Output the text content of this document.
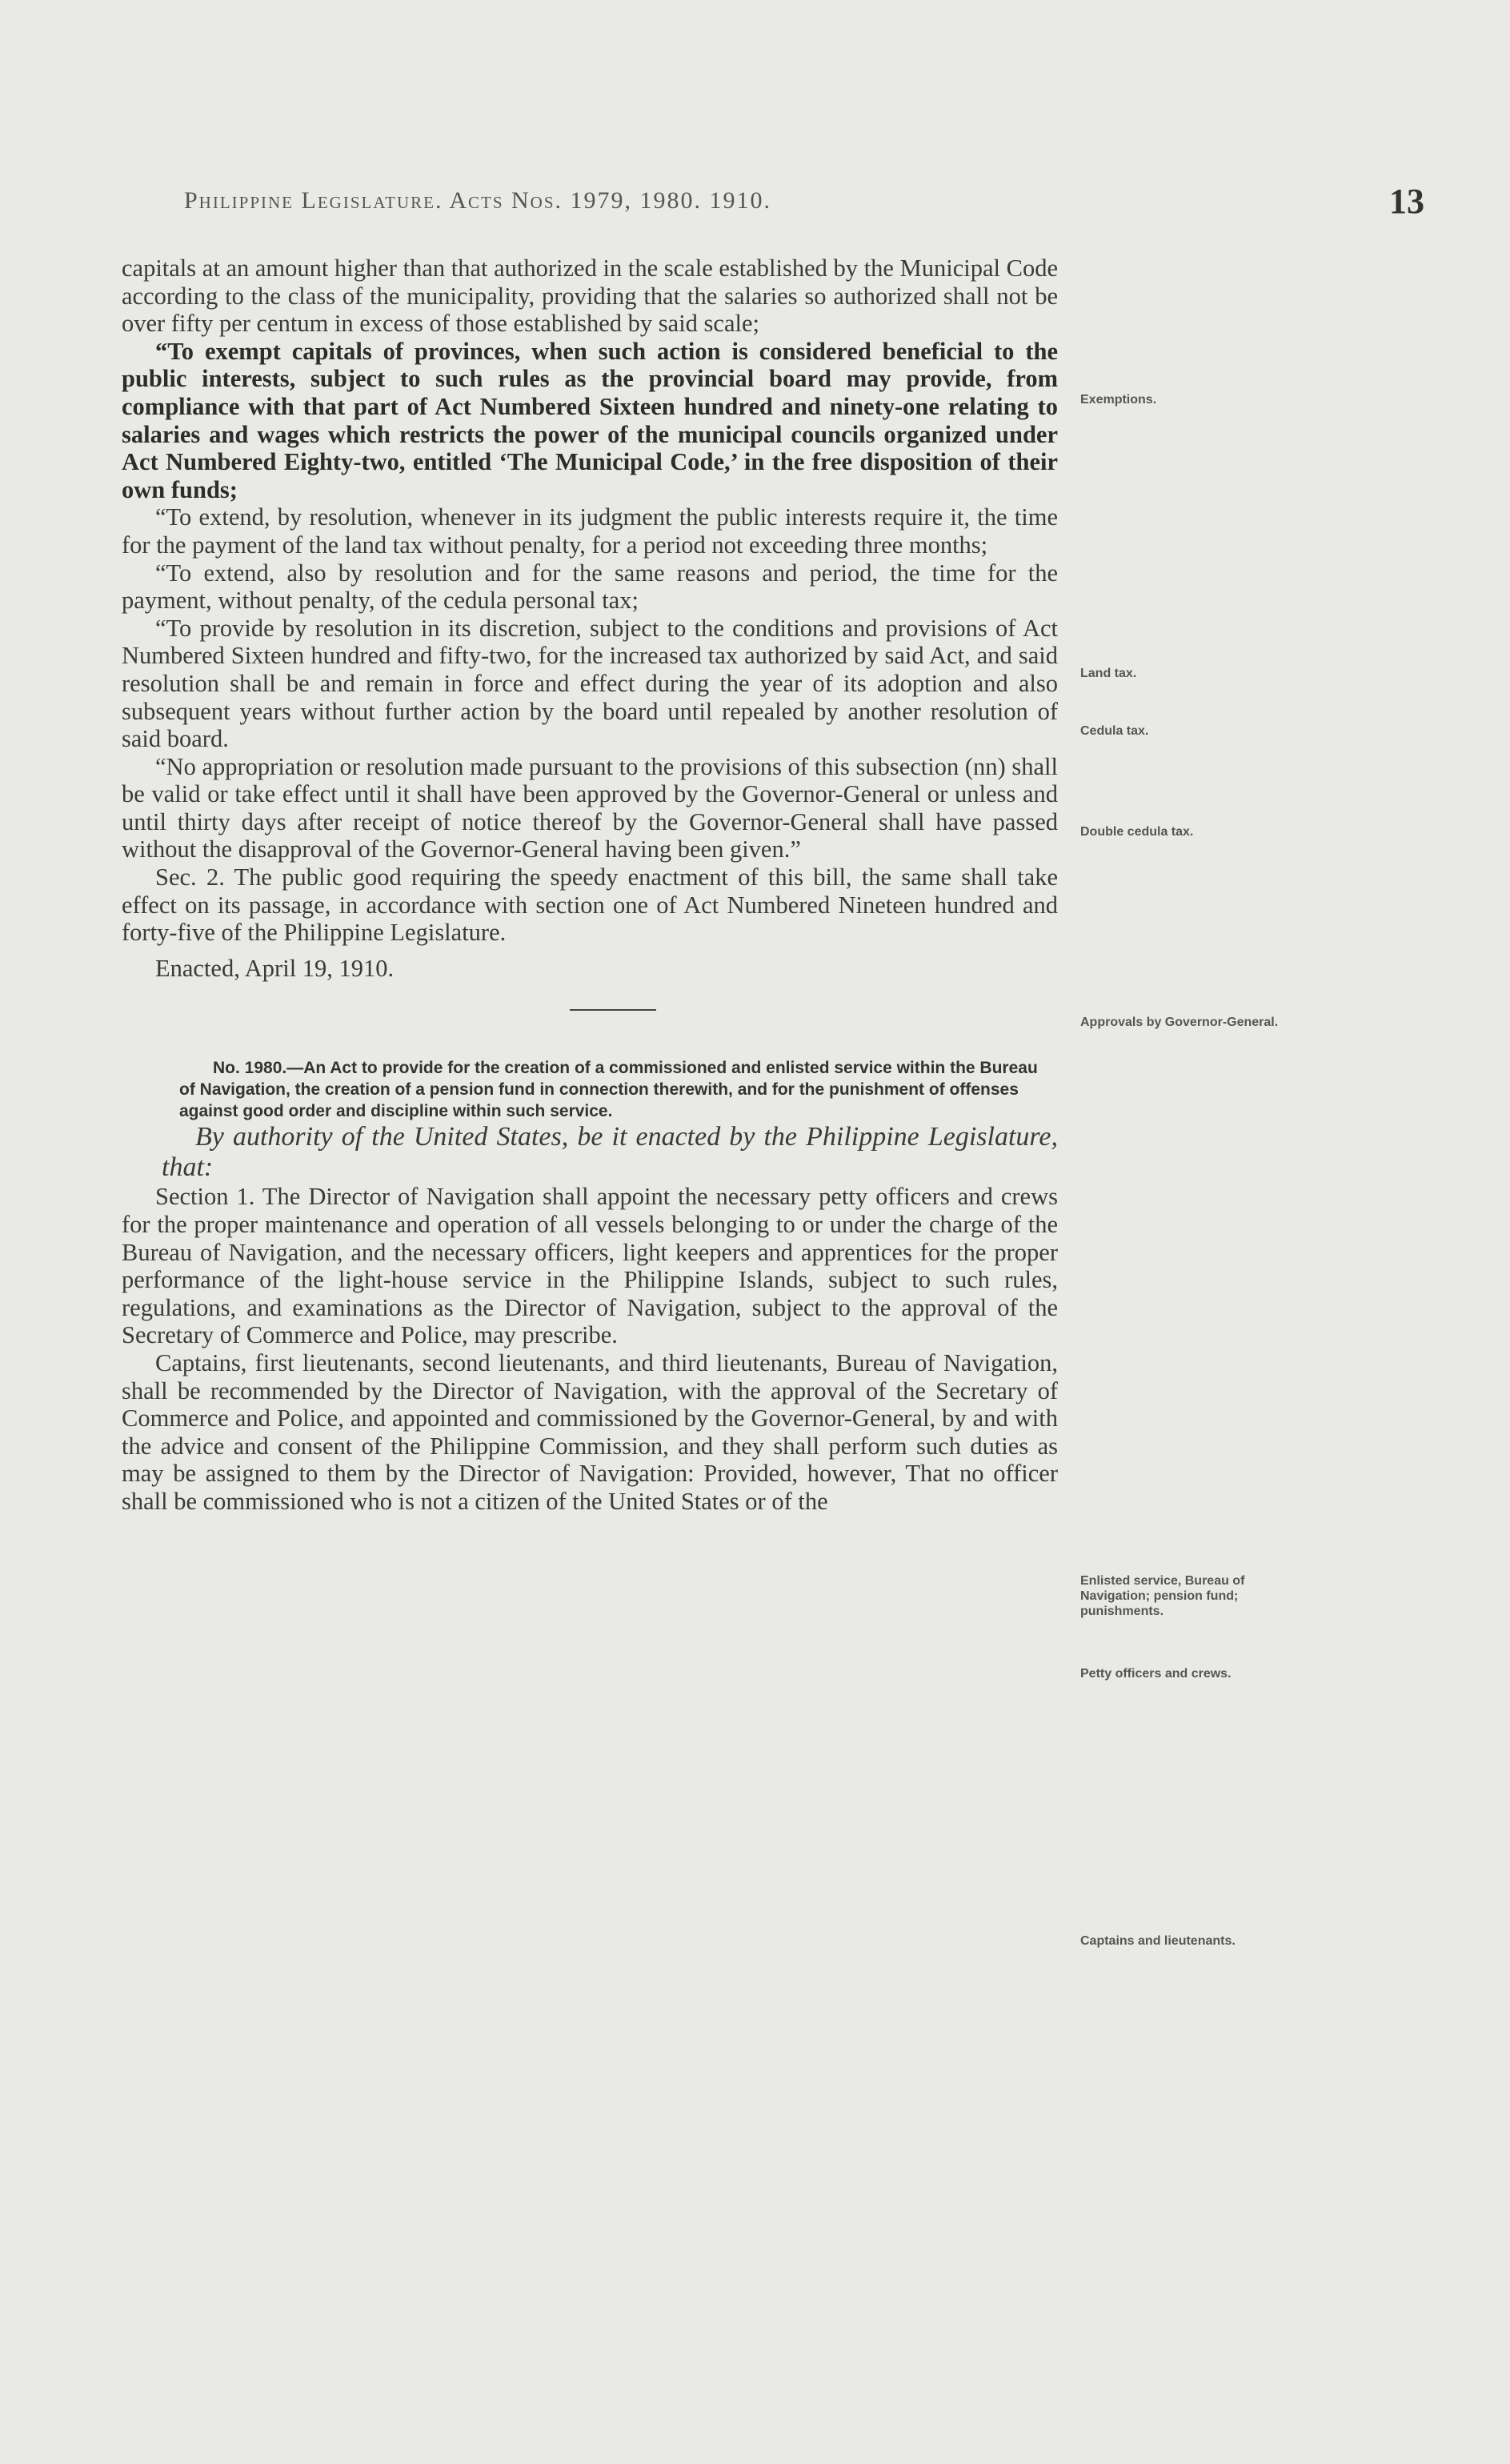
Philippine Legislature. Acts Nos. 1979, 1980. 1910.	13

capitals at an amount higher than that authorized in the scale established by the Municipal Code according to the class of the municipality, providing that the salaries so authorized shall not be over fifty per centum in excess of those established by said scale;

“To exempt capitals of provinces, when such action is considered beneficial to the public interests, subject to such rules as the provincial board may provide, from compliance with that part of Act Numbered Sixteen hundred and ninety-one relating to salaries and wages which restricts the power of the municipal councils organized under Act Numbered Eighty-two, entitled ‘The Municipal Code,’ in the free disposition of their own funds;

“To extend, by resolution, whenever in its judgment the public interests require it, the time for the payment of the land tax without penalty, for a period not exceeding three months;

“To extend, also by resolution and for the same reasons and period, the time for the payment, without penalty, of the cedula personal tax;

“To provide by resolution in its discretion, subject to the conditions and provisions of Act Numbered Sixteen hundred and fifty-two, for the increased tax authorized by said Act, and said resolution shall be and remain in force and effect during the year of its adoption and also subsequent years without further action by the board until repealed by another resolution of said board.

“No appropriation or resolution made pursuant to the provisions of this subsection (nn) shall be valid or take effect until it shall have been approved by the Governor-General or unless and until thirty days after receipt of notice thereof by the Governor-General shall have passed without the disapproval of the Governor-General having been given.”

Sec. 2. The public good requiring the speedy enactment of this bill, the same shall take effect on its passage, in accordance with section one of Act Numbered Nineteen hundred and forty-five of the Philippine Legislature.

Enacted, April 19, 1910.

No. 1980.—An Act to provide for the creation of a commissioned and enlisted service within the Bureau of Navigation, the creation of a pension fund in connection therewith, and for the punishment of offenses against good order and discipline within such service.

By authority of the United States, be it enacted by the Philippine Legislature, that:

Section 1. The Director of Navigation shall appoint the necessary petty officers and crews for the proper maintenance and operation of all vessels belonging to or under the charge of the Bureau of Navigation, and the necessary officers, light keepers and apprentices for the proper performance of the light-house service in the Philippine Islands, subject to such rules, regulations, and examinations as the Director of Navigation, subject to the approval of the Secretary of Commerce and Police, may prescribe.

Captains, first lieutenants, second lieutenants, and third lieutenants, Bureau of Navigation, shall be recommended by the Director of Navigation, with the approval of the Secretary of Commerce and Police, and appointed and commissioned by the Governor-General, by and with the advice and consent of the Philippine Commission, and they shall perform such duties as may be assigned to them by the Director of Navigation: Provided, however, That no officer shall be commissioned who is not a citizen of the United States or of the

Exemptions.
Land tax.
Cedula tax.
Double cedula tax.
Approvals by Governor-General.
Enlisted service, Bureau of Navigation; pension fund; punishments.
Petty officers and crews.
Captains and lieutenants.
